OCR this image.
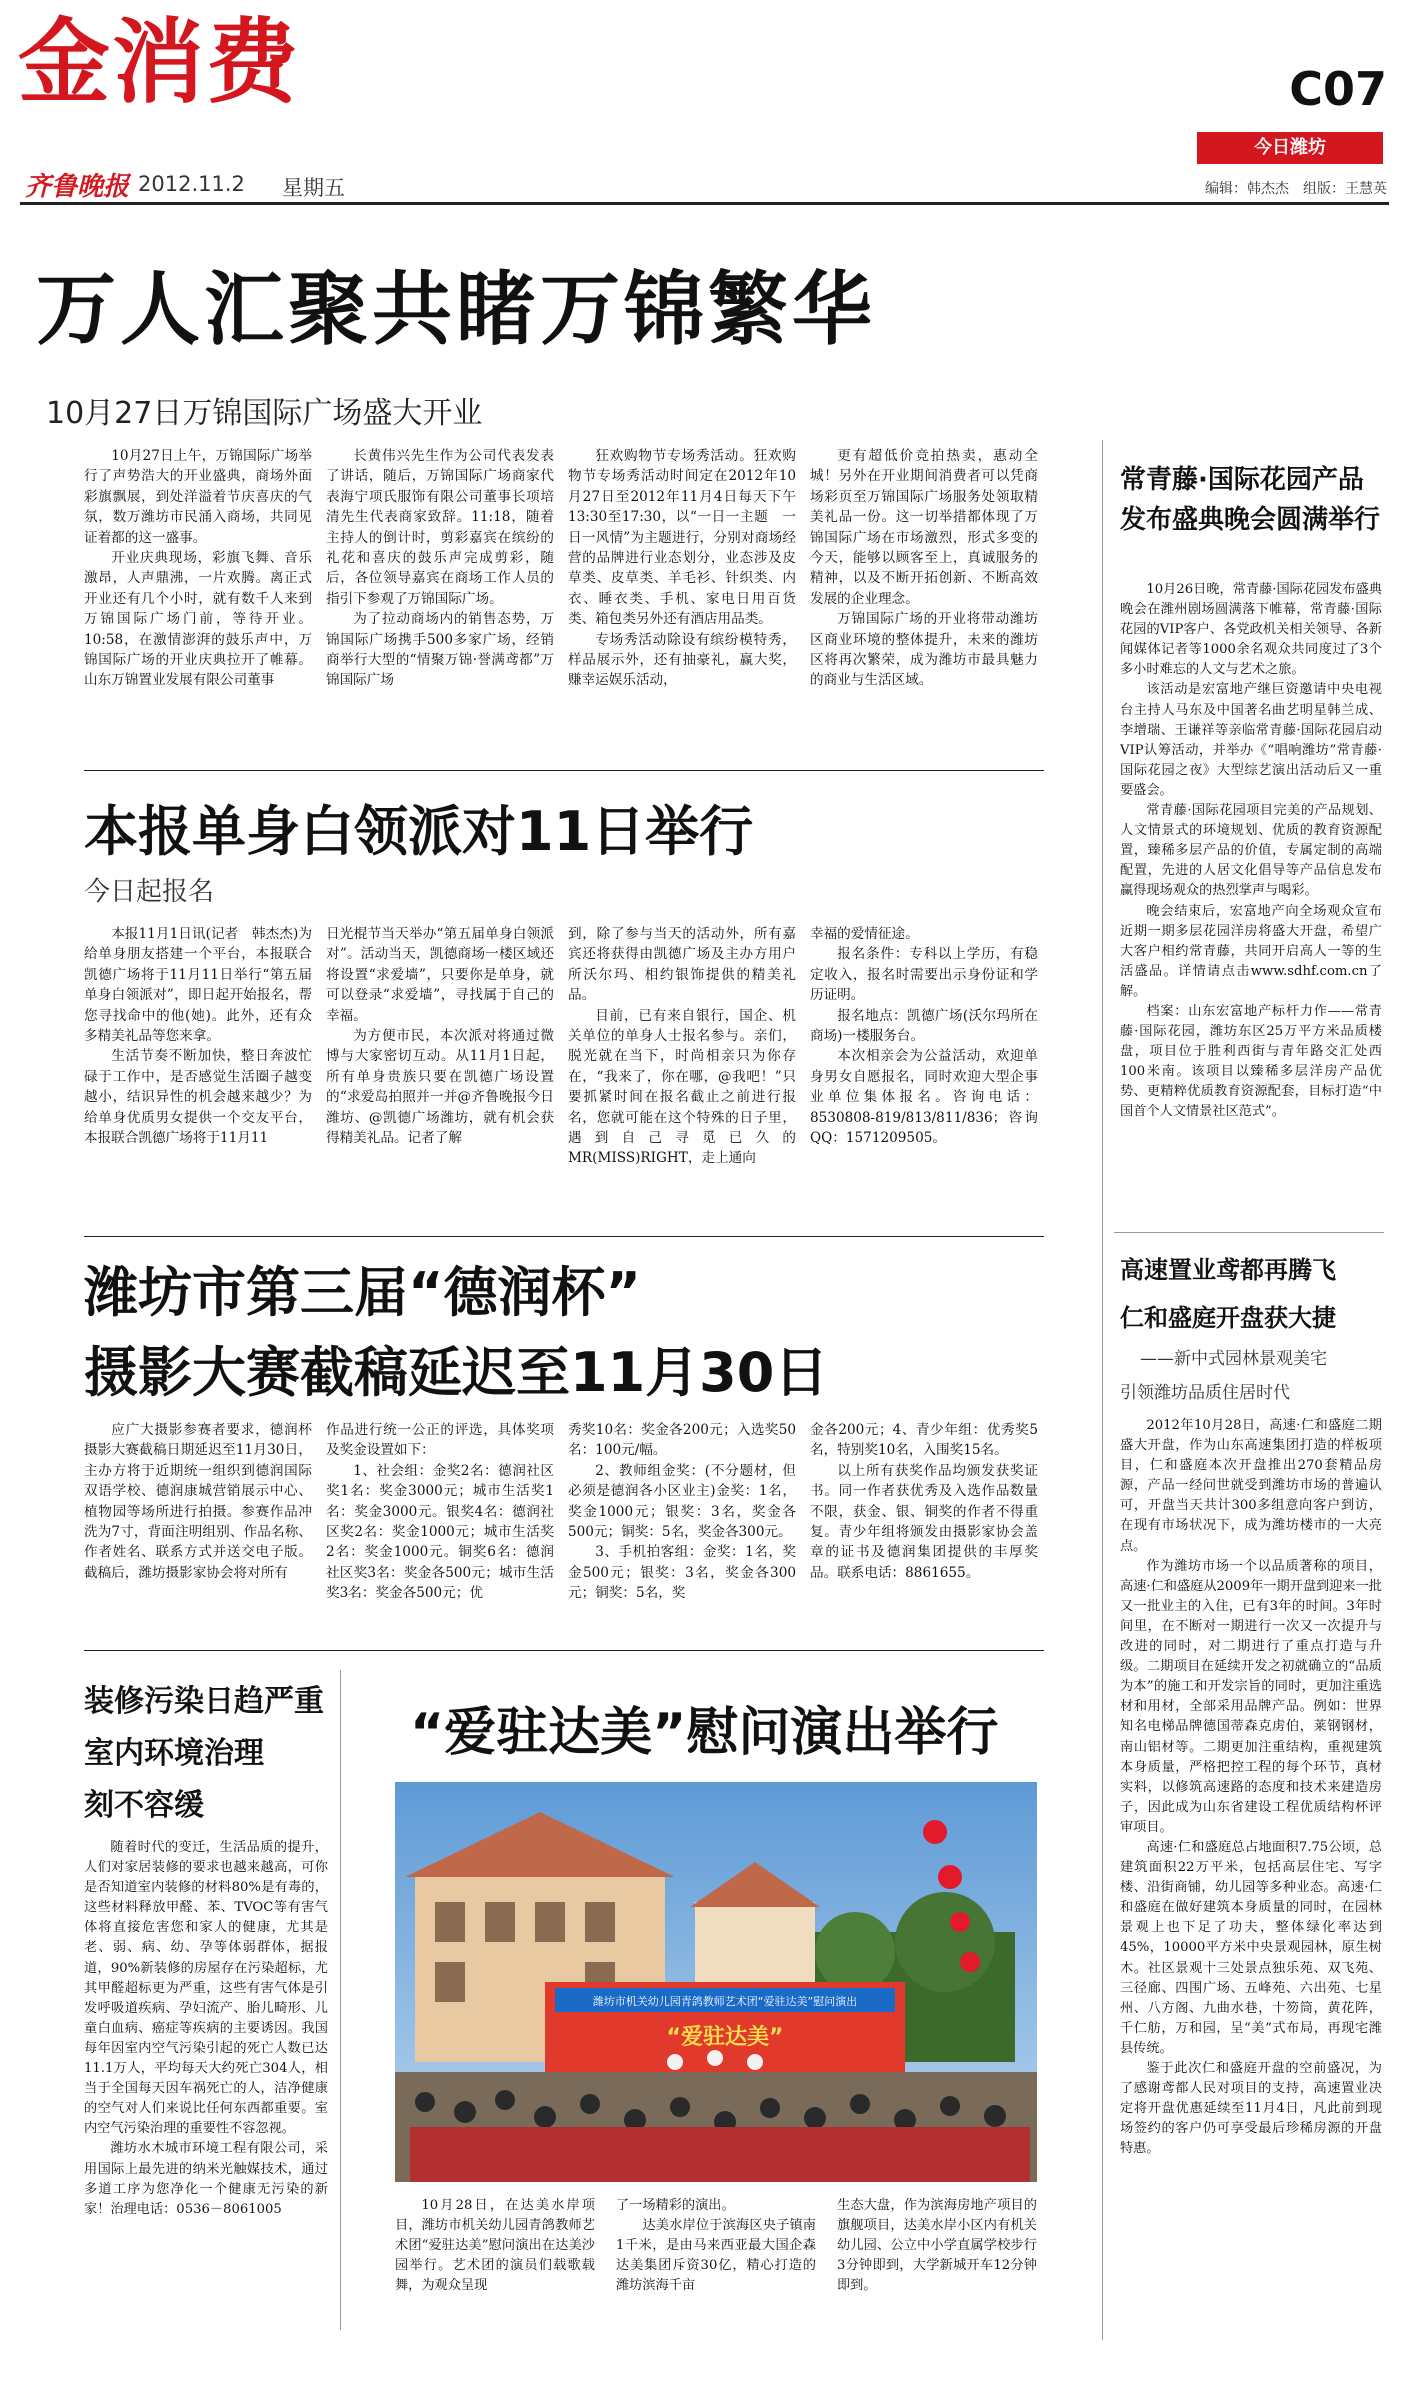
金消费	C07
今日潍坊
齐鲁晚报 2012.11.2 星期五	编辑：韩杰杰　组版：王慧英
万人汇聚共睹万锦繁华
10月27日万锦国际广场盛大开业

10月27日上午，万锦国际广场举行了声势浩大的开业盛典，商场外面彩旗飘展，到处洋溢着节庆喜庆的气氛，数万潍坊市民涌入商场，共同见证着都的这一盛事。

开业庆典现场，彩旗飞舞、音乐激昂，人声鼎沸，一片欢腾。离正式开业还有几个小时，就有数千人来到万锦国际广场门前，等待开业。10:58，在激情澎湃的鼓乐声中，万锦国际广场的开业庆典拉开了帷幕。山东万锦置业发展有限公司董事

长黄伟兴先生作为公司代表发表了讲话，随后，万锦国际广场商家代表海宁项氏服饰有限公司董事长项培清先生代表商家致辞。11:18，随着主持人的倒计时，剪彩嘉宾在缤纷的礼花和喜庆的鼓乐声完成剪彩，随后，各位领导嘉宾在商场工作人员的指引下参观了万锦国际广场。

为了拉动商场内的销售态势，万锦国际广场携手500多家广场，经销商举行大型的“情聚万锦·誉满鸢都”万锦国际广场

狂欢购物节专场秀活动。狂欢购物节专场秀活动时间定在2012年10月27日至2012年11月4日每天下午13:30至17:30，以“一日一主题　一日一风情”为主题进行，分别对商场经营的品牌进行业态划分，业态涉及皮草类、皮草类、羊毛衫、针织类、内衣、睡衣类、手机、家电日用百货类、箱包类另外还有酒店用品类。

专场秀活动除设有缤纷模特秀，样品展示外，还有抽豪礼，赢大奖，赚幸运娱乐活动，

更有超低价竞拍热卖，惠动全城！另外在开业期间消费者可以凭商场彩页至万锦国际广场服务处领取精美礼品一份。这一切举措都体现了万锦国际广场在市场激烈，形式多变的今天，能够以顾客至上，真诚服务的精神，以及不断开拓创新、不断高效发展的企业理念。

万锦国际广场的开业将带动潍坊区商业环境的整体提升，未来的潍坊区将再次繁荣，成为潍坊市最具魅力的商业与生活区域。

本报单身白领派对11日举行
今日起报名

本报11月1日讯(记者　韩杰杰)为给单身朋友搭建一个平台，本报联合凯德广场将于11月11日举行“第五届单身白领派对”，即日起开始报名，帮您寻找命中的他(她)。此外，还有众多精美礼品等您来拿。

生活节奏不断加快，整日奔波忙碌于工作中，是否感觉生活圈子越变越小，结识异性的机会越来越少？为给单身优质男女提供一个交友平台，本报联合凯德广场将于11月11

日光棍节当天举办“第五届单身白领派对”。活动当天，凯德商场一楼区域还将设置“求爱墙”，只要你是单身，就可以登录“求爱墙”，寻找属于自己的幸福。

为方便市民，本次派对将通过微博与大家密切互动。从11月1日起，所有单身贵族只要在凯德广场设置的“求爱岛拍照并一并@齐鲁晚报今日潍坊、@凯德广场潍坊，就有机会获得精美礼品。记者了解

到，除了参与当天的活动外，所有嘉宾还将获得由凯德广场及主办方用户所沃尔玛、相约银饰提供的精美礼品。

目前，已有来自银行，国企、机关单位的单身人士报名参与。亲们，脱光就在当下，时尚相亲只为你存在，“我来了，你在哪，@我吧！”只要抓紧时间在报名截止之前进行报名，您就可能在这个特殊的日子里，遇到自己寻觅已久的MR(MISS)RIGHT，走上通向

幸福的爱情征途。

报名条件：专科以上学历，有稳定收入，报名时需要出示身份证和学历证明。

报名地点：凯德广场(沃尔玛所在商场)一楼服务台。

本次相亲会为公益活动，欢迎单身男女自愿报名，同时欢迎大型企事业单位集体报名。咨询电话：8530808-819/813/811/836；咨询QQ：1571209505。

潍坊市第三届“德润杯”
摄影大赛截稿延迟至11月30日

应广大摄影参赛者要求，德润杯摄影大赛截稿日期延迟至11月30日，主办方将于近期统一组织到德润国际双语学校、德润康城营销展示中心、植物园等场所进行拍摄。参赛作品冲洗为7寸，背面注明组别、作品名称、作者姓名、联系方式并送交电子版。截稿后，潍坊摄影家协会将对所有

作品进行统一公正的评选，具体奖项及奖金设置如下：

1、社会组：金奖2名：德润社区奖1名：奖金3000元；城市生活奖1名：奖金3000元。银奖4名：德润社区奖2名：奖金1000元；城市生活奖2名：奖金1000元。铜奖6名：德润社区奖3名：奖金各500元；城市生活奖3名：奖金各500元；优

秀奖10名：奖金各200元；入选奖50名：100元/幅。

2、教师组金奖：(不分题材，但必须是德润各小区业主)金奖：1名，奖金1000元；银奖：3名，奖金各500元；铜奖：5名，奖金各300元。

3、手机拍客组：金奖：1名，奖金500元；银奖：3名，奖金各300元；铜奖：5名，奖

金各200元；4、青少年组：优秀奖5名，特别奖10名，入围奖15名。

以上所有获奖作品均颁发获奖证书。同一作者获优秀及入选作品数量不限，获金、银、铜奖的作者不得重复。青少年组将颁发由摄影家协会盖章的证书及德润集团提供的丰厚奖品。联系电话：8861655。

装修污染日趋严重
室内环境治理
刻不容缓

随着时代的变迁，生活品质的提升，人们对家居装修的要求也越来越高，可你是否知道室内装修的材料80%是有毒的，这些材料释放甲醛、苯、TVOC等有害气体将直接危害您和家人的健康，尤其是老、弱、病、幼、孕等体弱群体，据报道，90%新装修的房屋存在污染超标，尤其甲醛超标更为严重，这些有害气体是引发呼吸道疾病、孕妇流产、胎儿畸形、儿童白血病、癌症等疾病的主要诱因。我国每年因室内空气污染引起的死亡人数已达11.1万人，平均每天大约死亡304人，相当于全国每天因车祸死亡的人，洁净健康的空气对人们来说比任何东西都重要。室内空气污染治理的重要性不容忽视。

潍坊水木城市环境工程有限公司，采用国际上最先进的纳米光触媒技术，通过多道工序为您净化一个健康无污染的新家！治理电话：0536－8061005

“爱驻达美”慰问演出举行
潍坊市机关幼儿园青鸽教师艺术团“爱驻达美”慰问演出
“爱驻达美”

10月28日，在达美水岸项目，潍坊市机关幼儿园青鸽教师艺术团“爱驻达美”慰问演出在达美沙园举行。艺术团的演员们载歌载舞，为观众呈现

了一场精彩的演出。

达美水岸位于滨海区央子镇南1千米，是由马来西亚最大国企森达美集团斥资30亿，精心打造的潍坊滨海千亩

生态大盘，作为滨海房地产项目的旗舰项目，达美水岸小区内有机关幼儿园、公立中小学直属学校步行3分钟即到，大学新城开车12分钟即到。

常青藤·国际花园产品发布盛典晚会圆满举行

10月26日晚，常青藤·国际花园发布盛典晚会在潍州剧场圆满落下帷幕，常青藤·国际花园的VIP客户、各党政机关相关领导、各新闻媒体记者等1000余名观众共同度过了3个多小时难忘的人文与艺术之旅。

该活动是宏富地产继巨资邀请中央电视台主持人马东及中国著名曲艺明星韩兰成、李增瑞、王谦祥等亲临常青藤·国际花园启动VIP认筹活动，并举办《“唱响潍坊”常青藤·国际花园之夜》大型综艺演出活动后又一重要盛会。

常青藤·国际花园项目完美的产品规划、人文情景式的环境规划、优质的教育资源配置，臻稀多层产品的价值，专属定制的高端配置，先进的人居文化倡导等产品信息发布赢得现场观众的热烈掌声与喝彩。

晚会结束后，宏富地产向全场观众宣布近期一期多层花园洋房将盛大开盘，希望广大客户相约常青藤，共同开启高人一等的生活盛品。详情请点击www.sdhf.com.cn了解。

档案：山东宏富地产标杆力作——常青藤·国际花园，潍坊东区25万平方米品质楼盘，项目位于胜利西街与青年路交汇处西100米南。该项目以臻稀多层洋房产品优势、更精粹优质教育资源配套，目标打造“中国首个人文情景社区范式”。

高速置业鸢都再腾飞
仁和盛庭开盘获大捷
——新中式园林景观美宅
引领潍坊品质住居时代

2012年10月28日，高速·仁和盛庭二期盛大开盘，作为山东高速集团打造的样板项目，仁和盛庭本次开盘推出270套精品房源，产品一经问世就受到潍坊市场的普遍认可，开盘当天共计300多组意向客户到访，在现有市场状况下，成为潍坊楼市的一大亮点。

作为潍坊市场一个以品质著称的项目，高速·仁和盛庭从2009年一期开盘到迎来一批又一批业主的入住，已有3年的时间。3年时间里，在不断对一期进行一次又一次提升与改进的同时，对二期进行了重点打造与升级。二期项目在延续开发之初就确立的“品质为本”的施工和开发宗旨的同时，更加注重选材和用材，全部采用品牌产品。例如：世界知名电梯品牌德国蒂森克虏伯，莱钢钢材，南山铝材等。二期更加注重结构，重视建筑本身质量，严格把控工程的每个环节，真材实料，以修筑高速路的态度和技术来建造房子，因此成为山东省建设工程优质结构杯评审项目。

高速·仁和盛庭总占地面积7.75公顷，总建筑面积22万平米，包括高层住宅、写字楼、沿街商铺，幼儿园等多种业态。高速·仁和盛庭在做好建筑本身质量的同时，在园林景观上也下足了功夫，整体绿化率达到45%，10000平方米中央景观园林，原生树木。社区景观十三处景点独乐苑、双飞苑、三径廊、四围广场、五峰苑、六出苑、七星州、八方阁、九曲水巷，十笏筒，黄花阵，千仁舫，万和园，呈“美”式布局，再现宅潍县传统。

鉴于此次仁和盛庭开盘的空前盛况，为了感谢鸢都人民对项目的支持，高速置业决定将开盘优惠延续至11月4日，凡此前到现场签约的客户仍可享受最后珍稀房源的开盘特惠。
